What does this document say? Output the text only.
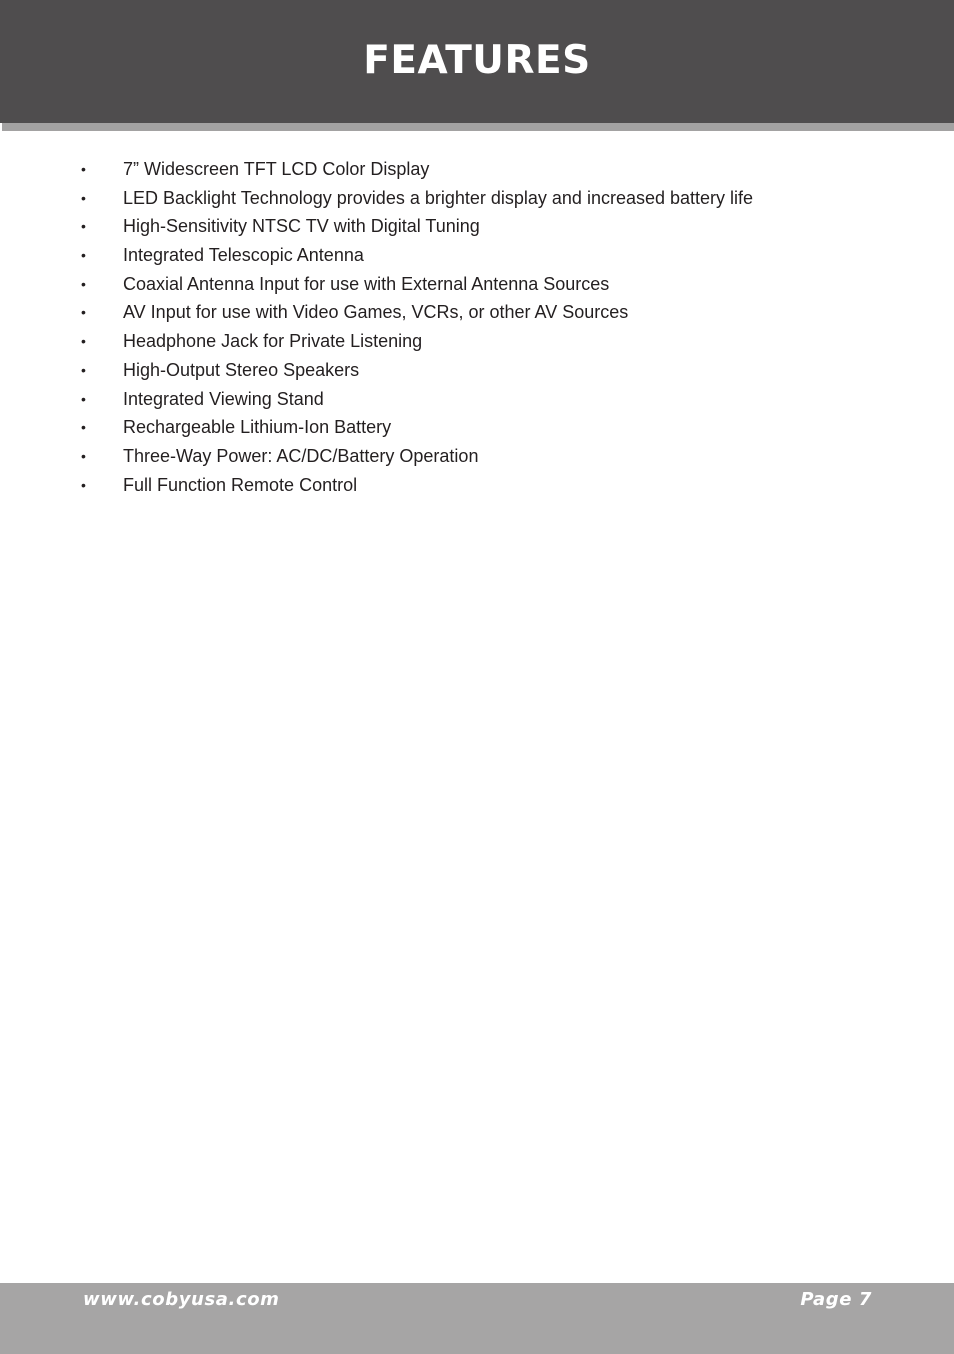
FEATURES
• 7” Widescreen TFT LCD Color Display
• LED Backlight Technology provides a brighter display and increased battery life
• High-Sensitivity NTSC TV with Digital Tuning
• Integrated Telescopic Antenna
• Coaxial Antenna Input for use with External Antenna Sources
• AV Input for use with Video Games, VCRs, or other AV Sources
• Headphone Jack for Private Listening
• High-Output Stereo Speakers
• Integrated Viewing Stand
• Rechargeable Lithium-Ion Battery
• Three-Way Power: AC/DC/Battery Operation
• Full Function Remote Control
www.cobyusa.com	Page 7
